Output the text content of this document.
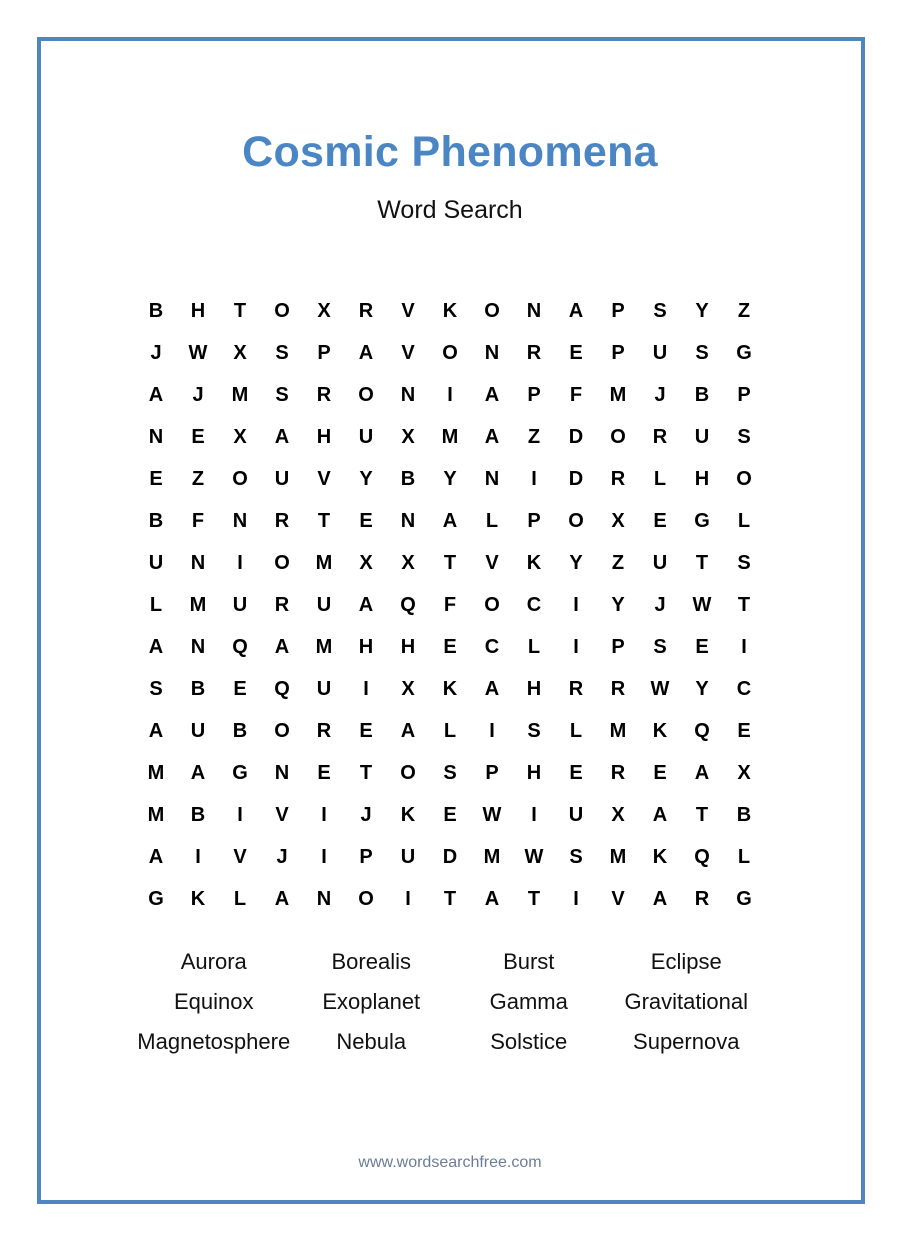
Cosmic Phenomena
Word Search
B	H	T	O	X	R	V	K	O	N	A	P	S	Y	Z
J	W	X	S	P	A	V	O	N	R	E	P	U	S	G
A	J	M	S	R	O	N	I	A	P	F	M	J	B	P
N	E	X	A	H	U	X	M	A	Z	D	O	R	U	S
E	Z	O	U	V	Y	B	Y	N	I	D	R	L	H	O
B	F	N	R	T	E	N	A	L	P	O	X	E	G	L
U	N	I	O	M	X	X	T	V	K	Y	Z	U	T	S
L	M	U	R	U	A	Q	F	O	C	I	Y	J	W	T
A	N	Q	A	M	H	H	E	C	L	I	P	S	E	I
S	B	E	Q	U	I	X	K	A	H	R	R	W	Y	C
A	U	B	O	R	E	A	L	I	S	L	M	K	Q	E
M	A	G	N	E	T	O	S	P	H	E	R	E	A	X
M	B	I	V	I	J	K	E	W	I	U	X	A	T	B
A	I	V	J	I	P	U	D	M	W	S	M	K	Q	L
G	K	L	A	N	O	I	T	A	T	I	V	A	R	G
Aurora	Borealis	Burst	Eclipse
Equinox	Exoplanet	Gamma	Gravitational
Magnetosphere	Nebula	Solstice	Supernova
www.wordsearchfree.com
